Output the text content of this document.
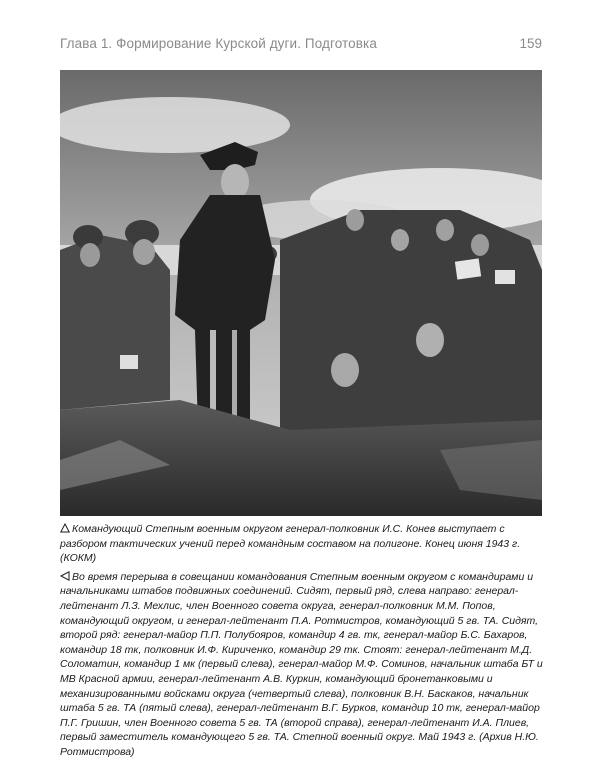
Глава 1. Формирование Курской дуги. Подготовка	159

Командующий Степным военным округом генерал-полковник И.С. Конев выступает с разбором тактических учений перед командным составом на полигоне. Конец июня 1943 г. (КОКМ)

Во время перерыва в совещании командования Степным военным округом с командирами и начальниками штабов подвижных соединений. Сидят, первый ряд, слева направо: генерал-лейтенант Л.З. Мехлис, член Военного совета округа, генерал-полковник М.М. Попов, командующий округом, и генерал-лейтенант П.А. Ротмистров, командующий 5 гв. ТА. Сидят, второй ряд: генерал-майор П.П. Полубояров, командир 4 гв. тк, генерал-майор Б.С. Бахаров, командир 18 тк, полковник И.Ф. Кириченко, командир 29 тк. Стоят: генерал-лейтенант М.Д. Соломатин, командир 1 мк (первый слева), генерал-майор М.Ф. Соминов, начальник штаба БТ и МВ Красной армии, генерал-лейтенант А.В. Куркин, командующий бронетанковыми и механизированными войсками округа (четвертый слева), полковник В.Н. Баскаков, начальник штаба 5 гв. ТА (пятый слева), генерал-лейтенант В.Г. Бурков, командир 10 тк, генерал-майор П.Г. Гришин, член Военного совета 5 гв. ТА (второй справа), генерал-лейтенант И.А. Плиев, первый заместитель командующего 5 гв. ТА. Степной военный округ. Май 1943 г. (Архив Н.Ю. Ротмистрова)
